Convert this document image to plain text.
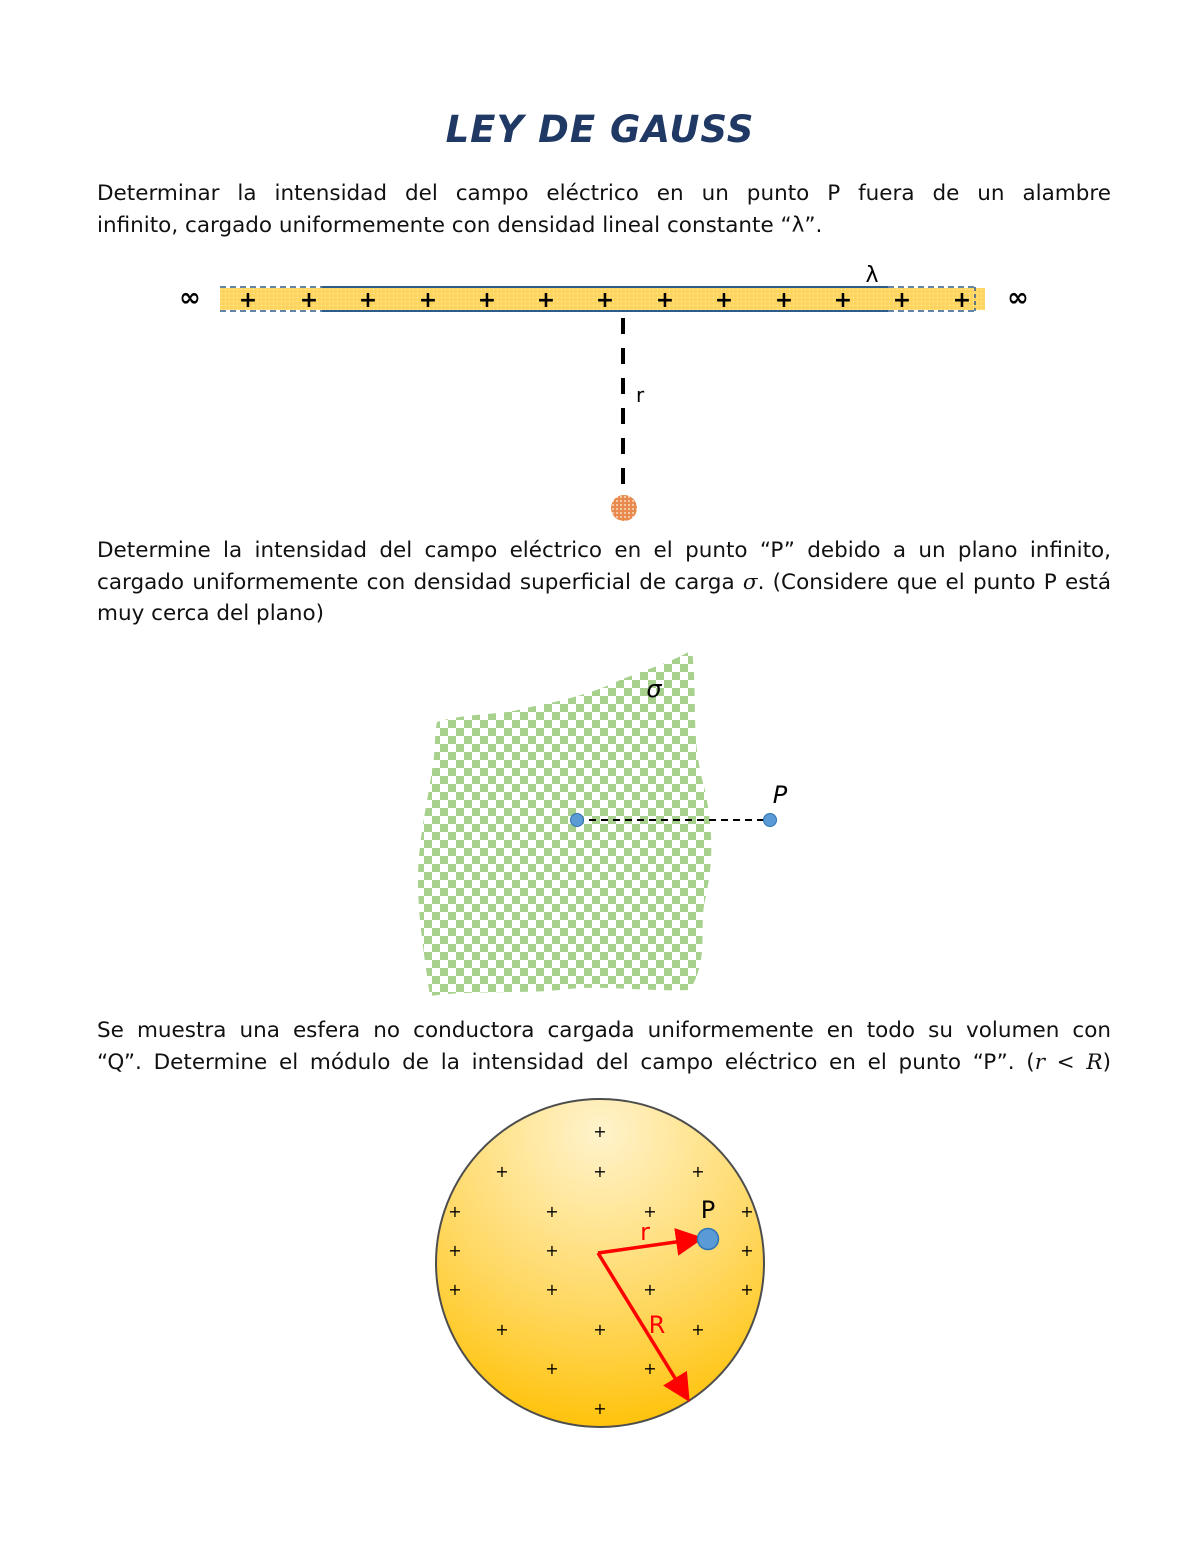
LEY DE GAUSS

Determinar la intensidad del campo eléctrico en un punto P fuera de un alambre
infinito, cargado uniformemente con densidad lineal constante “λ”.

Determine la intensidad del campo eléctrico en el punto “P” debido a un plano infinito, cargado uniformemente con densidad superficial de carga σ. (Considere que el punto P está muy cerca del plano)

Se muestra una esfera no conductora cargada uniformemente en todo su volumen con
“Q”. Determine el módulo de la intensidad del campo eléctrico en el punto “P”. (r < R)

+ + + + + + + + + + + + +
∞	∞
λ
r
σ
P
+
+	+	+
+	+	+	+
+	+	+
+	+	+	+
+	+	+
+	+
+
P
r
R
